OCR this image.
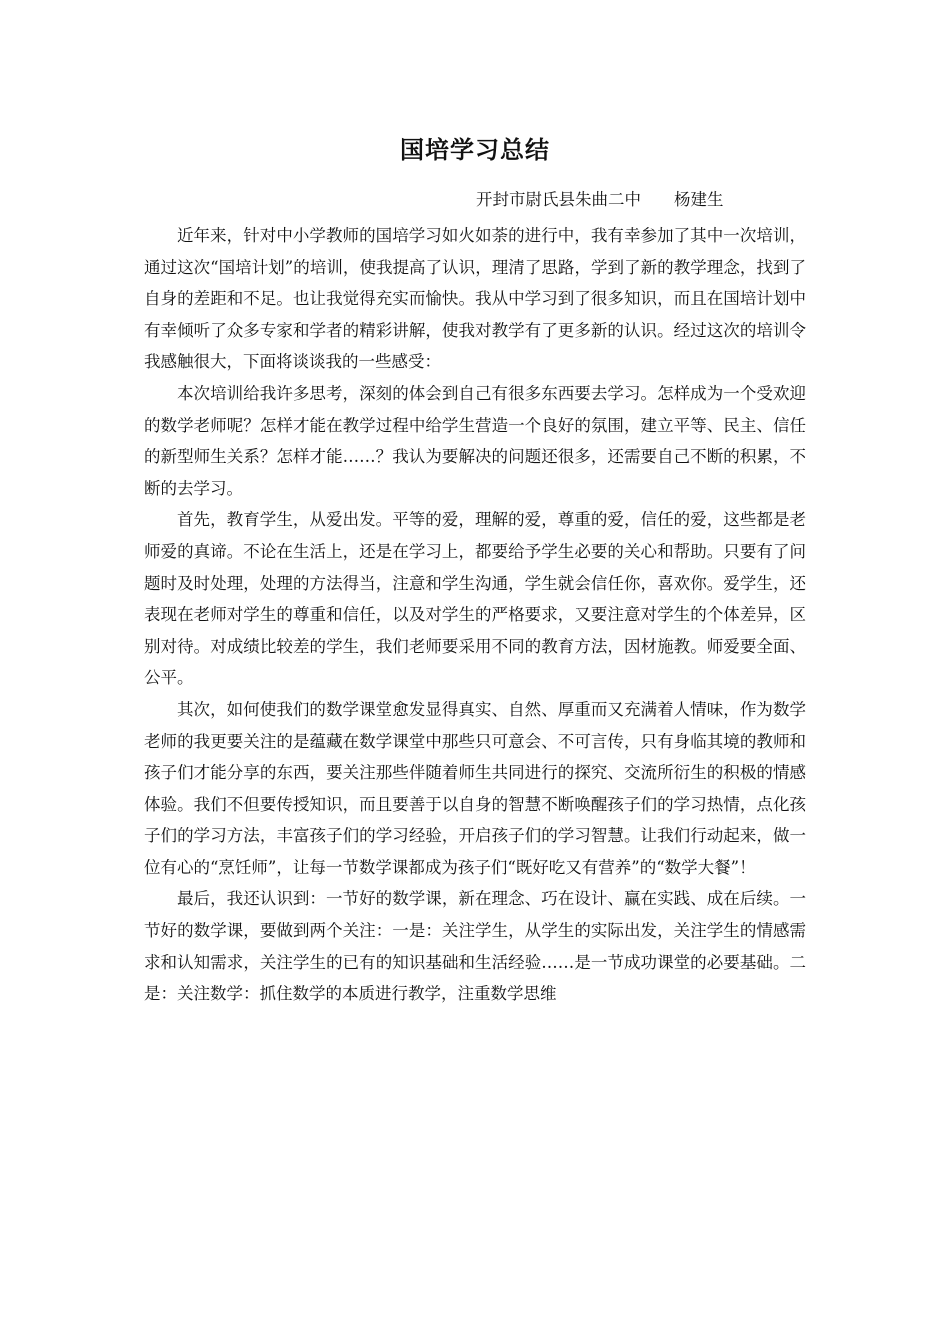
国培学习总结
开封市尉氏县朱曲二中　　杨建生

近年来，针对中小学教师的国培学习如火如荼的进行中，我有幸参加了其中一次培训，通过这次“国培计划”的培训，使我提高了认识，理清了思路，学到了新的教学理念，找到了自身的差距和不足。也让我觉得充实而愉快。我从中学习到了很多知识，而且在国培计划中有幸倾听了众多专家和学者的精彩讲解，使我对教学有了更多新的认识。经过这次的培训令我感触很大，下面将谈谈我的一些感受：

本次培训给我许多思考，深刻的体会到自己有很多东西要去学习。怎样成为一个受欢迎的数学老师呢？怎样才能在教学过程中给学生营造一个良好的氛围，建立平等、民主、信任的新型师生关系？怎样才能……？我认为要解决的问题还很多，还需要自己不断的积累，不断的去学习。

首先，教育学生，从爱出发。平等的爱，理解的爱，尊重的爱，信任的爱，这些都是老师爱的真谛。不论在生活上，还是在学习上，都要给予学生必要的关心和帮助。只要有了问题时及时处理，处理的方法得当，注意和学生沟通，学生就会信任你，喜欢你。爱学生，还表现在老师对学生的尊重和信任，以及对学生的严格要求，又要注意对学生的个体差异，区别对待。对成绩比较差的学生，我们老师要采用不同的教育方法，因材施教。师爱要全面、公平。

其次，如何使我们的数学课堂愈发显得真实、自然、厚重而又充满着人情味，作为数学老师的我更要关注的是蕴藏在数学课堂中那些只可意会、不可言传，只有身临其境的教师和孩子们才能分享的东西，要关注那些伴随着师生共同进行的探究、交流所衍生的积极的情感体验。我们不但要传授知识，而且要善于以自身的智慧不断唤醒孩子们的学习热情，点化孩子们的学习方法，丰富孩子们的学习经验，开启孩子们的学习智慧。让我们行动起来，做一位有心的“烹饪师”，让每一节数学课都成为孩子们“既好吃又有营养”的“数学大餐”！

最后，我还认识到：一节好的数学课，新在理念、巧在设计、赢在实践、成在后续。一节好的数学课，要做到两个关注：一是：关注学生，从学生的实际出发，关注学生的情感需求和认知需求，关注学生的已有的知识基础和生活经验……是一节成功课堂的必要基础。二是：关注数学：抓住数学的本质进行教学，注重数学思维
